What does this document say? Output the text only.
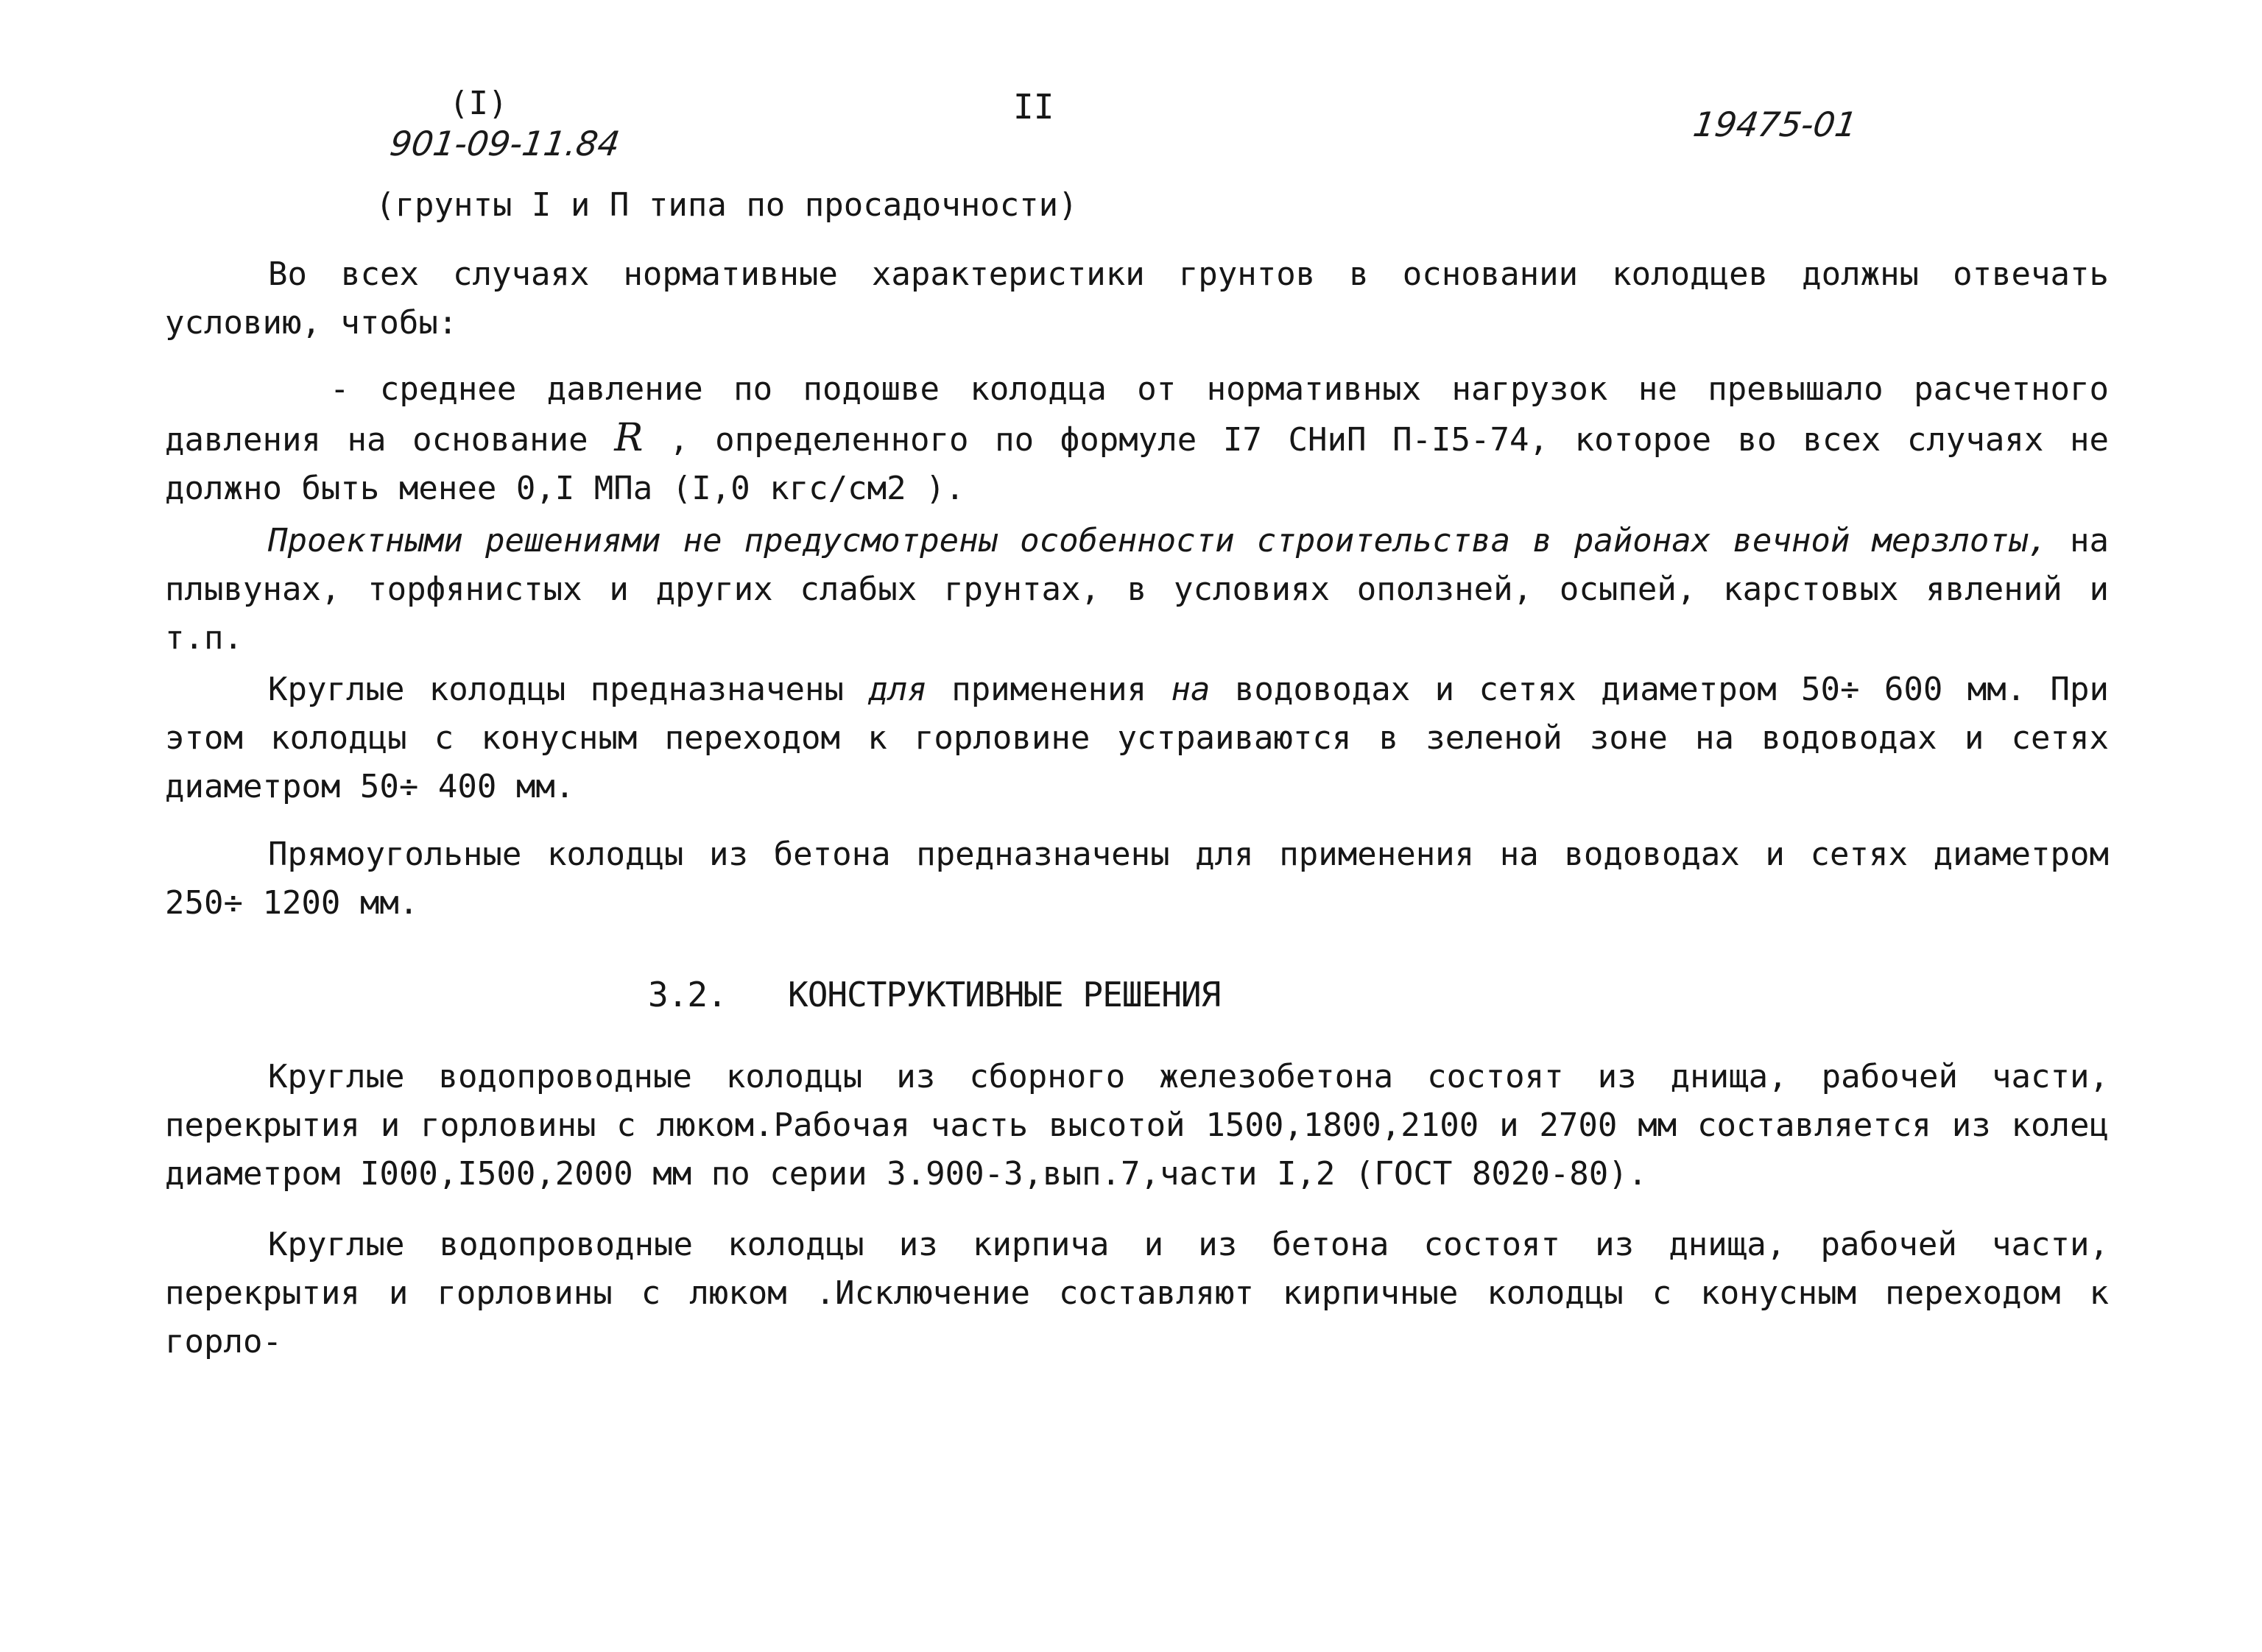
(I)
901-09-11.84
II	19475-01
(грунты I и П типа по просадочности)
Во всех случаях нормативные характеристики грунтов в основании колодцев должны отвечать условию, чтобы:
- среднее давление по подошве колодца от нормативных нагрузок не превышало расчетного давления на основание R , определенного по формуле I7 СНиП П-I5-74, которое во всех случаях не должно быть менее 0,I МПа (I,0 кгс/см2 ).
Проектными решениями не предусмотрены особенности строительства в районах вечной мерзлоты, на плывунах, торфянистых и других слабых грунтах, в условиях оползней, осыпей, карстовых явлений и т.п.
Круглые колодцы предназначены для применения на водоводах и сетях диаметром 50÷ 600 мм. При этом колодцы с конусным переходом к горловине устраиваются в зеленой зоне на водоводах и сетях диаметром 50÷ 400 мм.
Прямоугольные колодцы из бетона предназначены для применения на водоводах и сетях диаметром 250÷ 1200 мм.
3.2. КОНСТРУКТИВНЫЕ РЕШЕНИЯ
Круглые водопроводные колодцы из сборного железобетона состоят из днища, рабочей части, перекрытия и горловины с люком.Рабочая часть высотой 1500,1800,2100 и 2700 мм составляется из колец диаметром I000,I500,2000 мм по серии 3.900-3,вып.7,части I,2 (ГОСТ 8020-80).
Круглые водопроводные колодцы из кирпича и из бетона состоят из днища, рабочей части, перекрытия и горловины с люком .Исключение составляют кирпичные колодцы с конусным переходом к горло-
